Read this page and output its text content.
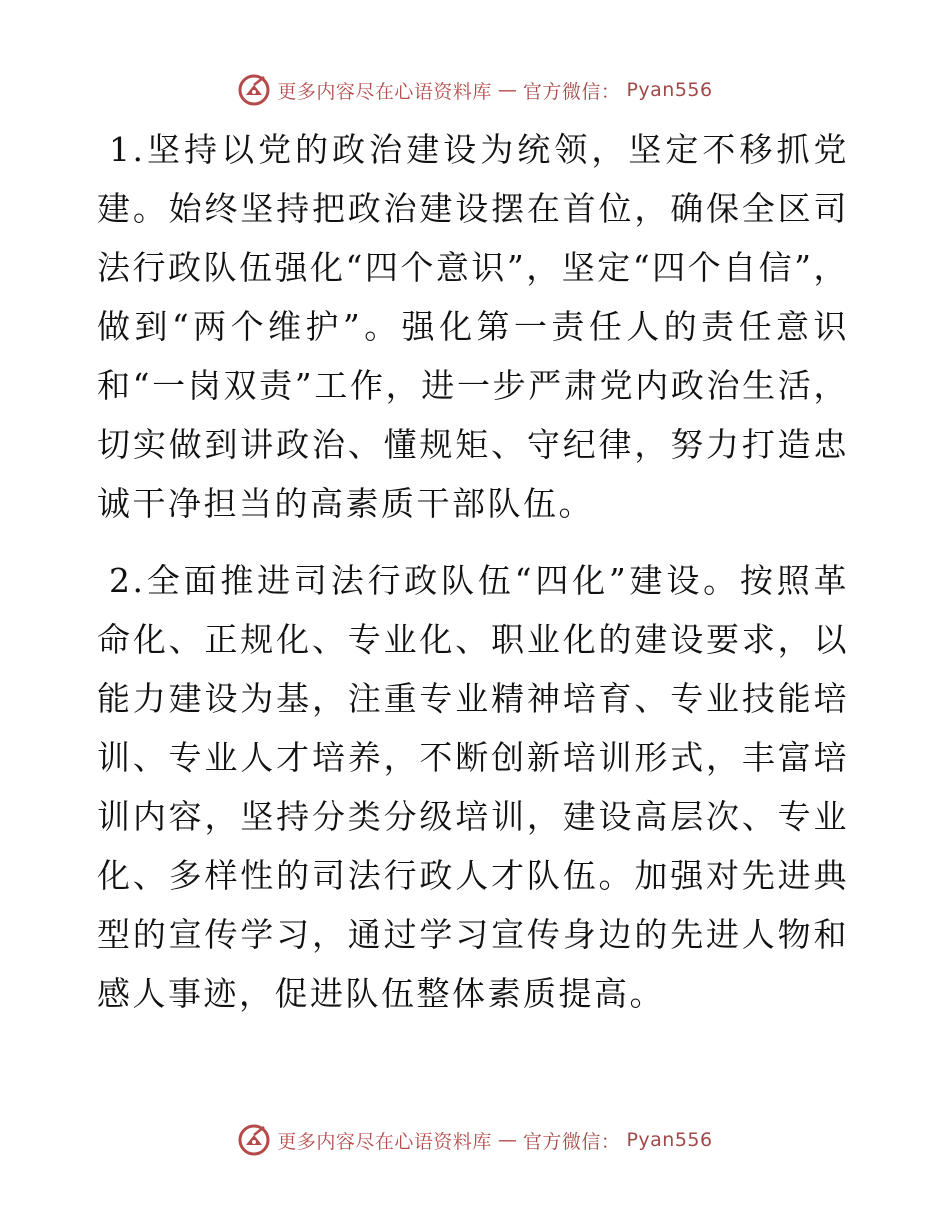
更多内容尽在心语资料库 — 官方微信： Pyan556

1.坚持以党的政治建设为统领，坚定不移抓党建。始终坚持把政治建设摆在首位，确保全区司法行政队伍强化“四个意识”，坚定“四个自信”，做到“两个维护”。强化第一责任人的责任意识和“一岗双责”工作，进一步严肃党内政治生活，切实做到讲政治、懂规矩、守纪律，努力打造忠诚干净担当的高素质干部队伍。

2.全面推进司法行政队伍“四化”建设。按照革命化、正规化、专业化、职业化的建设要求，以能力建设为基，注重专业精神培育、专业技能培训、专业人才培养，不断创新培训形式，丰富培训内容，坚持分类分级培训，建设高层次、专业化、多样性的司法行政人才队伍。加强对先进典型的宣传学习，通过学习宣传身边的先进人物和感人事迹，促进队伍整体素质提高。

更多内容尽在心语资料库 — 官方微信： Pyan556
